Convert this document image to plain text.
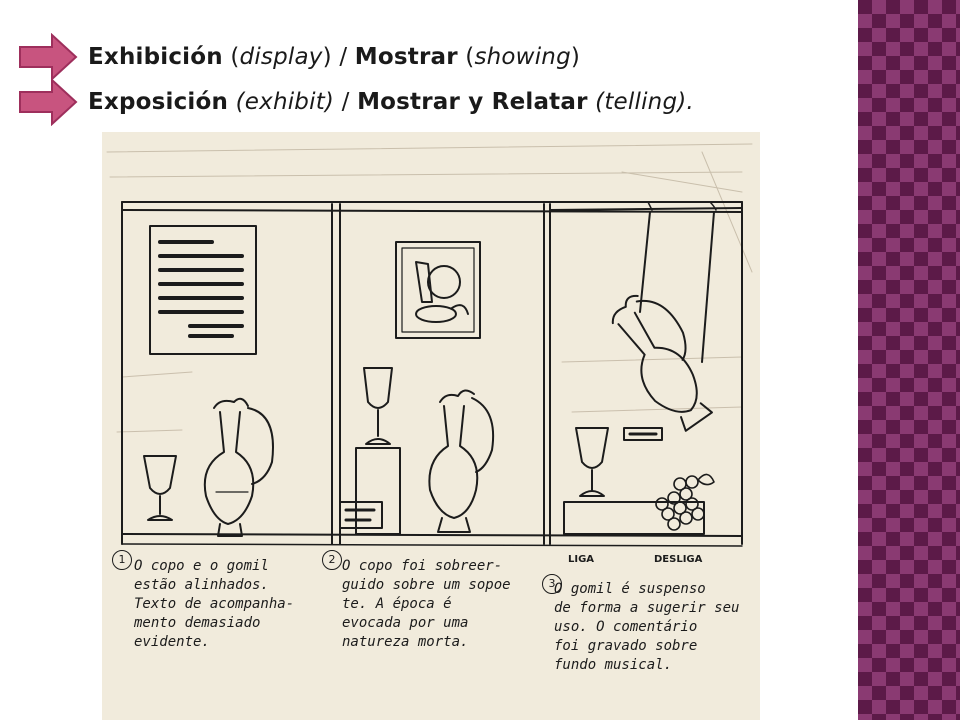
Exhibición (display) / Mostrar (showing)
Exposición (exhibit) / Mostrar y Relatar (telling).
1	2
3
LIGA	DESLIGA
O copo e o gomil
estão alinhados.
Texto de acompanha-
mento demasiado
evidente.
O copo foi sobreer-
guido sobre um sopoe
te. A época é
evocada por uma
natureza morta.
O gomil é suspenso
de forma a sugerir seu
uso. O comentário
foi gravado sobre
fundo musical.
